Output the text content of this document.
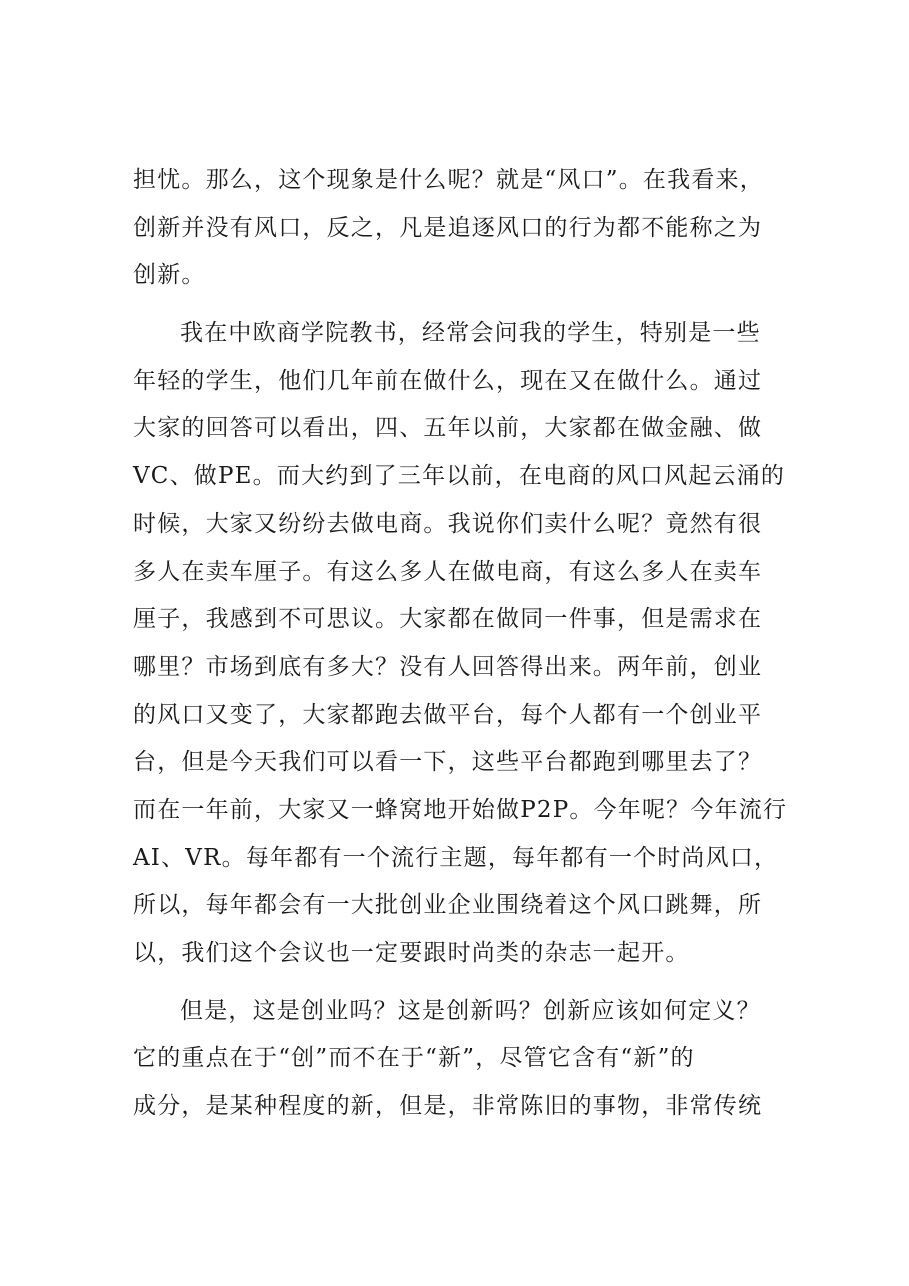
担忧。那么，这个现象是什么呢？就是“风口”。在我看来，
创新并没有风口，反之，凡是追逐风口的行为都不能称之为
创新。

我在中欧商学院教书，经常会问我的学生，特别是一些
年轻的学生，他们几年前在做什么，现在又在做什么。通过
大家的回答可以看出，四、五年以前，大家都在做金融、做
VC、做PE。而大约到了三年以前，在电商的风口风起云涌的
时候，大家又纷纷去做电商。我说你们卖什么呢？竟然有很
多人在卖车厘子。有这么多人在做电商，有这么多人在卖车
厘子，我感到不可思议。大家都在做同一件事，但是需求在
哪里？市场到底有多大？没有人回答得出来。两年前，创业
的风口又变了，大家都跑去做平台，每个人都有一个创业平
台，但是今天我们可以看一下，这些平台都跑到哪里去了？
而在一年前，大家又一蜂窝地开始做P2P。今年呢？今年流行
AI、VR。每年都有一个流行主题，每年都有一个时尚风口，
所以，每年都会有一大批创业企业围绕着这个风口跳舞，所
以，我们这个会议也一定要跟时尚类的杂志一起开。

但是，这是创业吗？这是创新吗？创新应该如何定义？
它的重点在于“创”而不在于“新”，尽管它含有“新”的
成分，是某种程度的新，但是，非常陈旧的事物，非常传统
